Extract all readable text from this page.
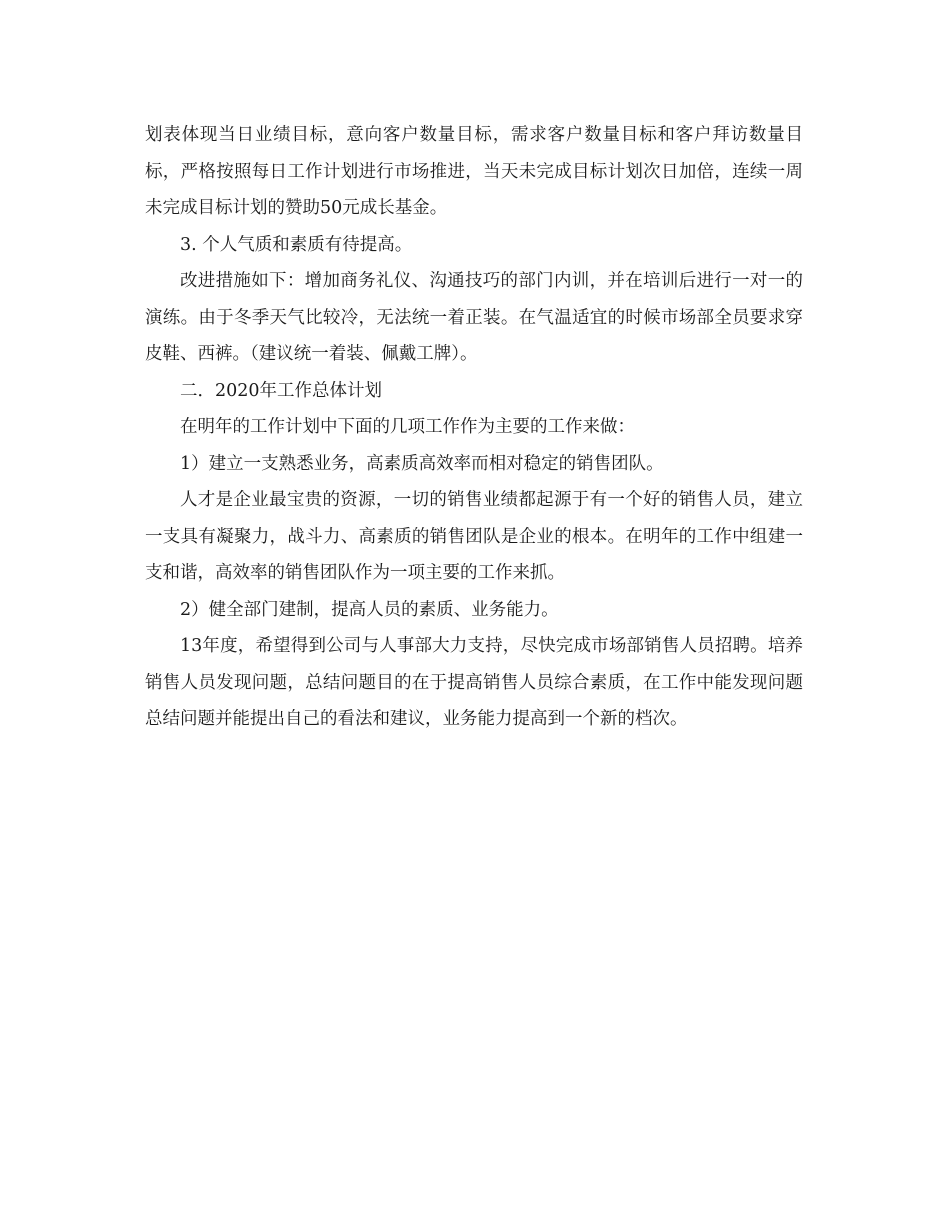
划表体现当日业绩目标，意向客户数量目标，需求客户数量目标和客户拜访数量目标，严格按照每日工作计划进行市场推进，当天未完成目标计划次日加倍，连续一周未完成目标计划的赞助50元成长基金。

3. 个人气质和素质有待提高。

改进措施如下：增加商务礼仪、沟通技巧的部门内训，并在培训后进行一对一的演练。由于冬季天气比较冷，无法统一着正装。在气温适宜的时候市场部全员要求穿皮鞋、西裤。（建议统一着装、佩戴工牌）。

二．2020年工作总体计划

在明年的工作计划中下面的几项工作作为主要的工作来做：

1）建立一支熟悉业务，高素质高效率而相对稳定的销售团队。

人才是企业最宝贵的资源，一切的销售业绩都起源于有一个好的销售人员，建立一支具有凝聚力，战斗力、高素质的销售团队是企业的根本。在明年的工作中组建一支和谐，高效率的销售团队作为一项主要的工作来抓。

2）健全部门建制，提高人员的素质、业务能力。

13年度，希望得到公司与人事部大力支持，尽快完成市场部销售人员招聘。培养销售人员发现问题，总结问题目的在于提高销售人员综合素质，在工作中能发现问题总结问题并能提出自己的看法和建议，业务能力提高到一个新的档次。
